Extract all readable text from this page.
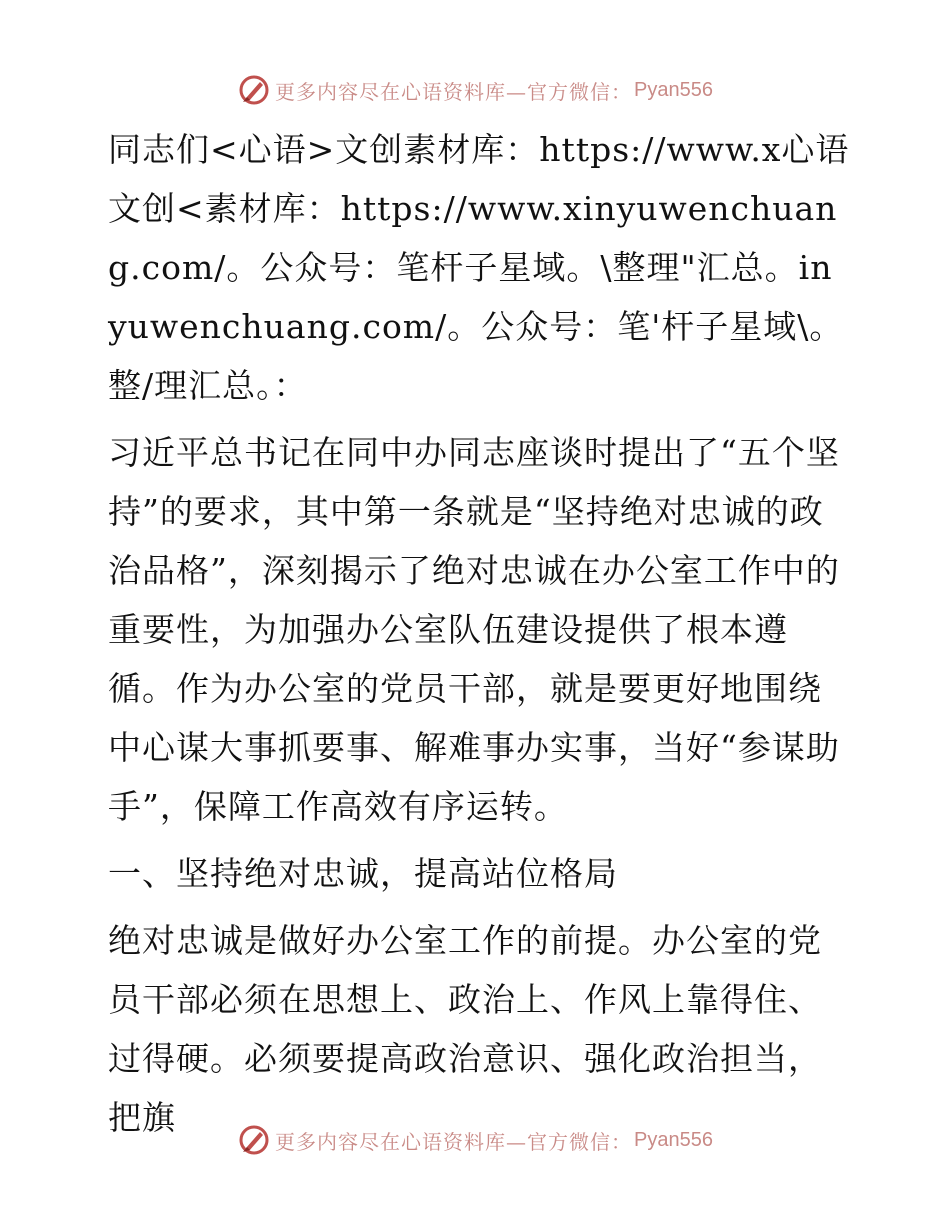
更多内容尽在心语资料库—官方微信： Pyan556

同志们<心语>文创素材库：https://www.x心语文创<素材库：https://www.xinyuwenchuang.com/。公众号：笔杆子星域。\整理"汇总。inyuwenchuang.com/。公众号：笔'杆子星域\。整/理汇总。：

习近平总书记在同中办同志座谈时提出了“五个坚持”的要求，其中第一条就是“坚持绝对忠诚的政治品格”，深刻揭示了绝对忠诚在办公室工作中的重要性，为加强办公室队伍建设提供了根本遵循。作为办公室的党员干部，就是要更好地围绕中心谋大事抓要事、解难事办实事，当好“参谋助手”，保障工作高效有序运转。

一、坚持绝对忠诚，提高站位格局

绝对忠诚是做好办公室工作的前提。办公室的党员干部必须在思想上、政治上、作风上靠得住、过得硬。必须要提高政治意识、强化政治担当，把旗

更多内容尽在心语资料库—官方微信： Pyan556
